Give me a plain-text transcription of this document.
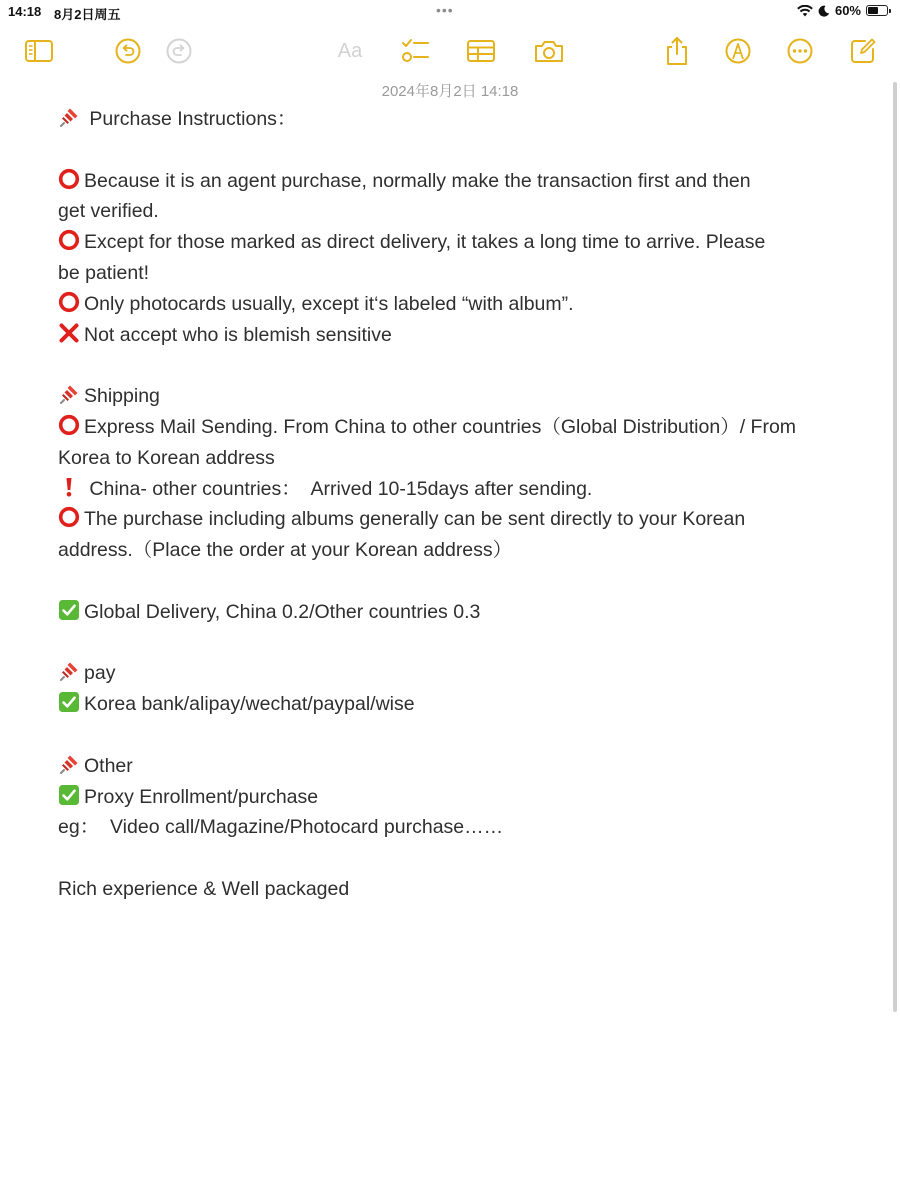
14:18 8月2日周五	•••	60%
Aa
2024年8月2日 14:18
Purchase Instructions：
Because it is an agent purchase, normally make the transaction first and then
get verified.
Except for those marked as direct delivery, it takes a long time to arrive. Please
be patient!
Only photocards usually, except it‘s labeled “with album”.
Not accept who is blemish sensitive
Shipping
Express Mail Sending. From China to other countries（Global Distribution）/ From
Korea to Korean address
China- other countries：  Arrived 10-15days after sending.
The purchase including albums generally can be sent directly to your Korean
address.（Place the order at your Korean address）
Global Delivery, China 0.2/Other countries 0.3
pay
Korea bank/alipay/wechat/paypal/wise
Other
Proxy Enrollment/purchase
eg：  Video call/Magazine/Photocard purchase……
Rich experience & Well packaged
